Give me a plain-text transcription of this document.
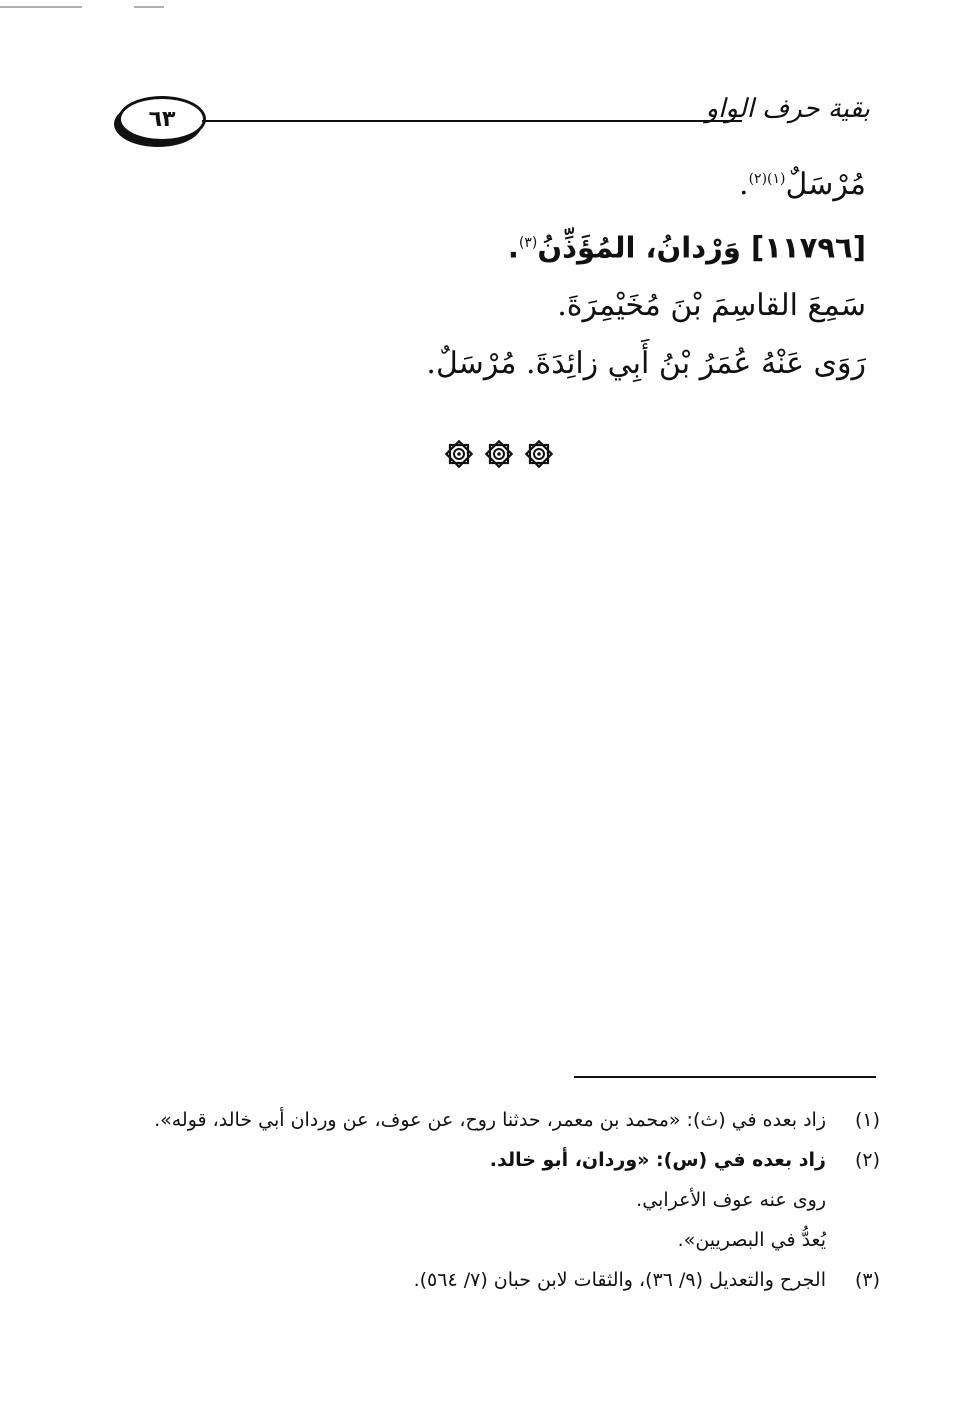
٦٣	بقية حرف الواو
مُرْسَلٌ$^{(١)(٢)}$.
[١١٧٩٦] وَرْدانُ، المُؤَذِّنُ$^{(٣)}$.
سَمِعَ القاسِمَ بْنَ مُخَيْمِرَةَ.
رَوَى عَنْهُ عُمَرُ بْنُ أَبِي زائِدَةَ. مُرْسَلٌ.
(١)
زاد بعده في (ث): «محمد بن معمر، حدثنا روح، عن عوف، عن وردان أبي خالد، قوله».
(٢)
زاد بعده في (س): «وردان، أبو خالد.
روى عنه عوف الأعرابي.
يُعدُّ في البصريين».
(٣)
الجرح والتعديل (٩/ ٣٦)، والثقات لابن حبان (٧/ ٥٦٤).
